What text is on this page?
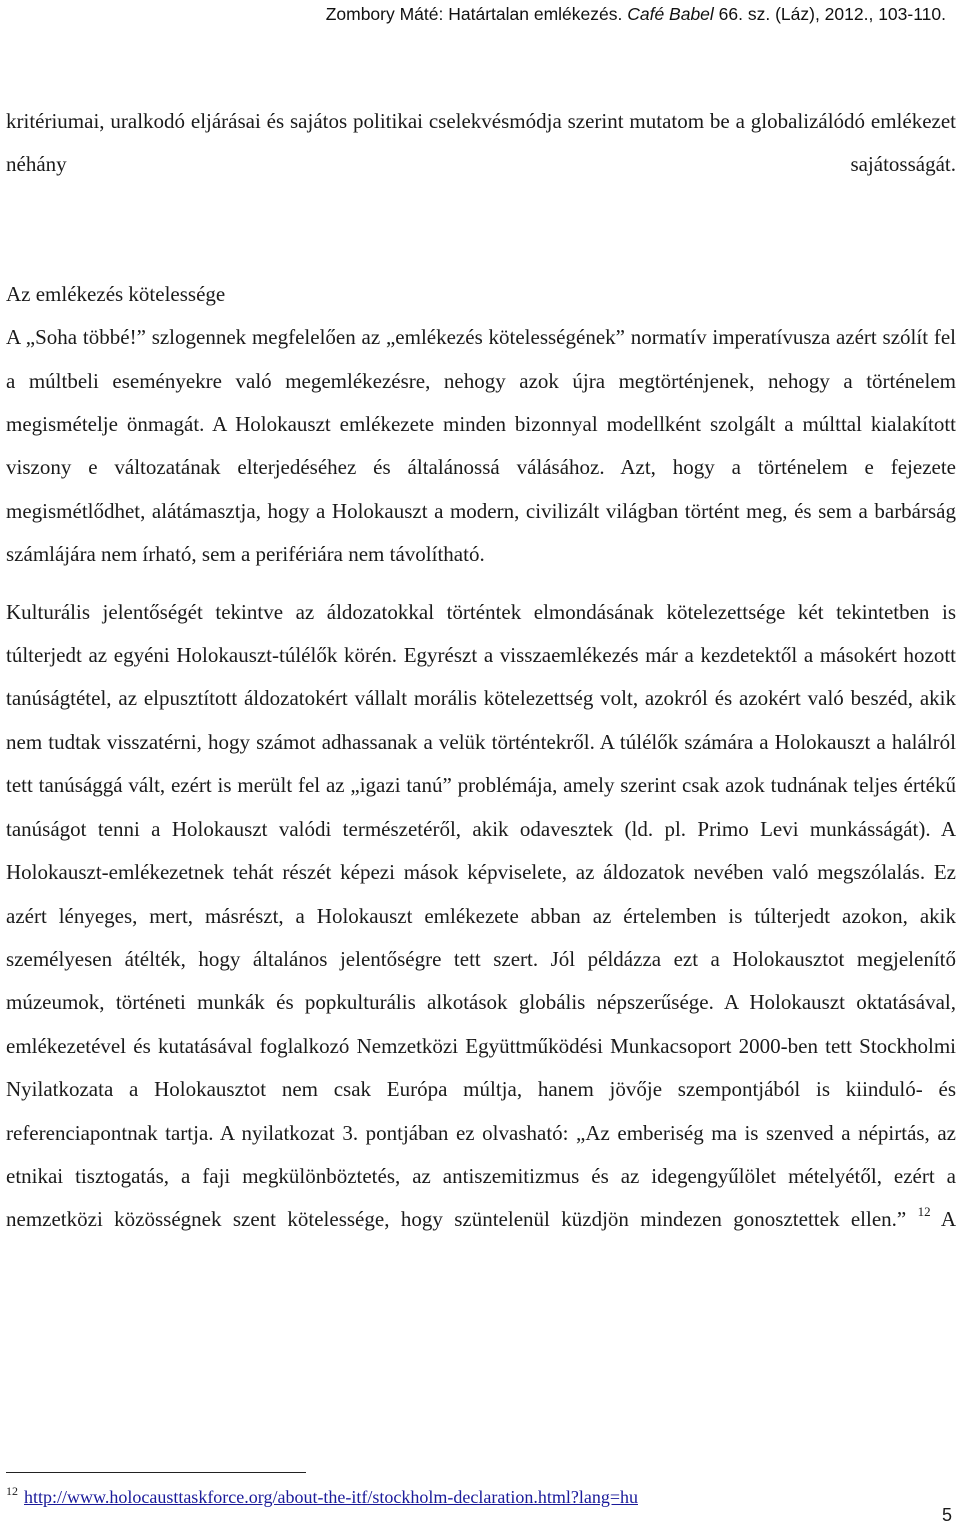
Zombory Máté: Határtalan emlékezés. Café Babel 66. sz. (Láz), 2012., 103-110.

kritériumai, uralkodó eljárásai és sajátos politikai cselekvésmódja szerint mutatom be a globalizálódó emlékezet néhány sajátosságát.

Az emlékezés kötelessége

A „Soha többé!” szlogennek megfelelően az „emlékezés kötelességének” normatív imperatívusza azért szólít fel a múltbeli eseményekre való megemlékezésre, nehogy azok újra megtörténjenek, nehogy a történelem megismételje önmagát. A Holokauszt emlékezete minden bizonnyal modellként szolgált a múlttal kialakított viszony e változatának elterjedéséhez és általánossá válásához. Azt, hogy a történelem e fejezete megismétlődhet, alátámasztja, hogy a Holokauszt a modern, civilizált világban történt meg, és sem a barbárság számlájára nem írható, sem a perifériára nem távolítható.

Kulturális jelentőségét tekintve az áldozatokkal történtek elmondásának kötelezettsége két tekintetben is túlterjedt az egyéni Holokauszt-túlélők körén. Egyrészt a visszaemlékezés már a kezdetektől a másokért hozott tanúságtétel, az elpusztított áldozatokért vállalt morális kötelezettség volt, azokról és azokért való beszéd, akik nem tudtak visszatérni, hogy számot adhassanak a velük történtekről. A túlélők számára a Holokauszt a halálról tett tanúsággá vált, ezért is merült fel az „igazi tanú” problémája, amely szerint csak azok tudnának teljes értékű tanúságot tenni a Holokauszt valódi természetéről, akik odavesztek (ld. pl. Primo Levi munkásságát). A Holokauszt-emlékezetnek tehát részét képezi mások képviselete, az áldozatok nevében való megszólalás. Ez azért lényeges, mert, másrészt, a Holokauszt emlékezete abban az értelemben is túlterjedt azokon, akik személyesen átélték, hogy általános jelentőségre tett szert. Jól példázza ezt a Holokausztot megjelenítő múzeumok, történeti munkák és popkulturális alkotások globális népszerűsége. A Holokauszt oktatásával, emlékezetével és kutatásával foglalkozó Nemzetközi Együttműködési Munkacsoport 2000-ben tett Stockholmi Nyilatkozata a Holokausztot nem csak Európa múltja, hanem jövője szempontjából is kiinduló- és referenciapontnak tartja. A nyilatkozat 3. pontjában ez olvasható: „Az emberiség ma is szenved a népirtás, az etnikai tisztogatás, a faji megkülönböztetés, az antiszemitizmus és az idegengyűlölet mételyétől, ezért a nemzetközi közösségnek szent kötelessége, hogy szüntelenül küzdjön mindezen gonosztettek ellen.” $^{12}$ A

$^{12}$ http://www.holocausttaskforce.org/about-the-itf/stockholm-declaration.html?lang=hu
5
